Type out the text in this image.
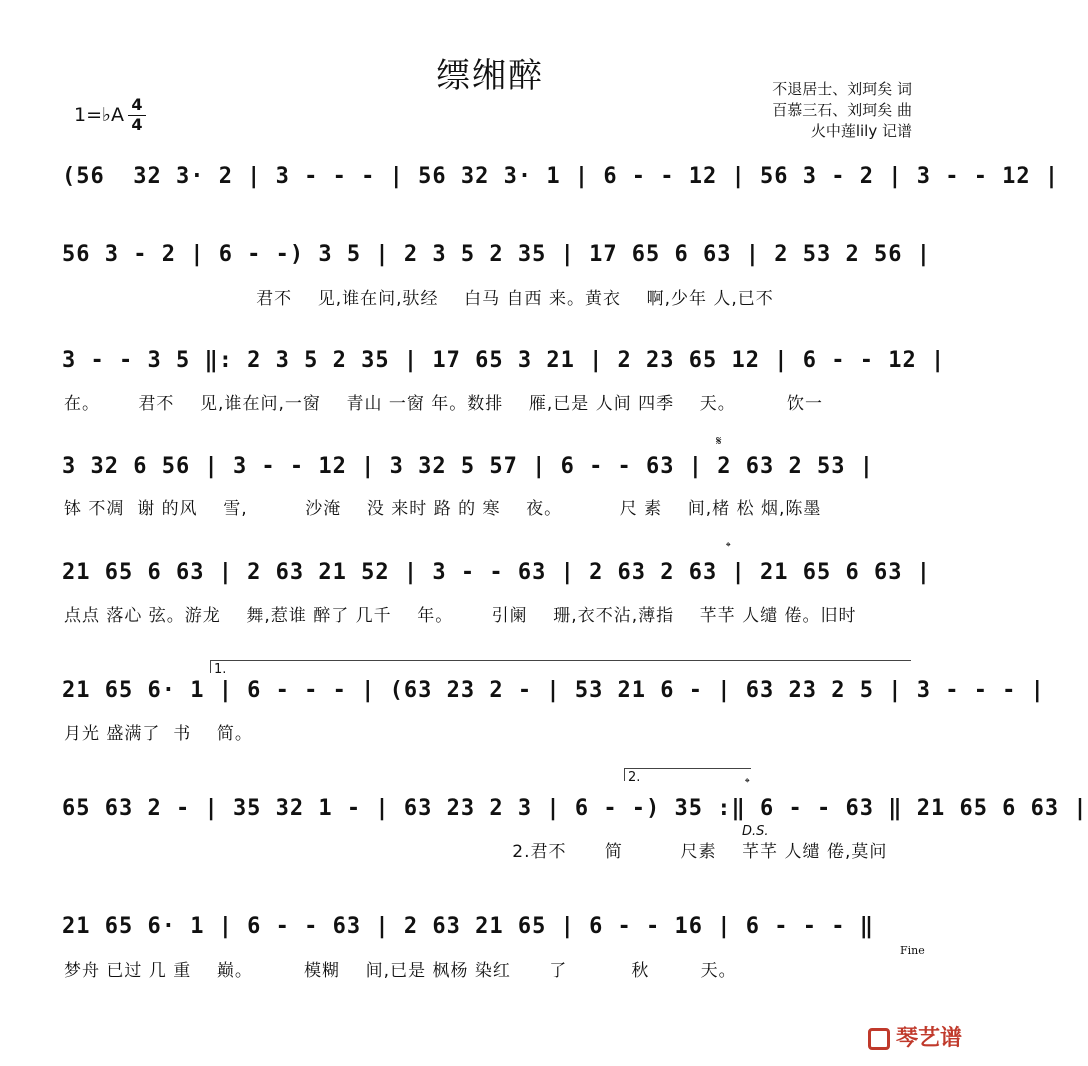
缥缃醉	不退居士、刘珂矣 词
百慕三石、刘珂矣 曲
火中莲lily 记谱
1=♭A $\frac{4}{4}$
(56  32 3· 2 | 3 - - - | 56 32 3· 1 | 6 - - 12 | 56 3 - 2 | 3 - - 12 |
56 3 - 2 | 6 - -) 3 5 | 2 3 5 2 35 | 17 65 6 63 | 2 53 2 56 |
君不    见,谁在问,驮经    白马 自西 来。黄衣    啊,少年 人,已不
3 - - 3 5 ‖: 2 3 5 2 35 | 17 65 3 21 | 2 23 65 12 | 6 - - 12 |
在。      君不    见,谁在问,一窗    青山 一窗 年。数排    雁,已是 人间 四季    天。        饮一
𝄋
3 32 6 56 | 3 - - 12 | 3 32 5 57 | 6 - - 63 | 2 63 2 53 |
钵 不凋  谢 的风    雪,         沙淹    没 来时 路 的 寒    夜。         尺 素    间,楮 松 烟,陈墨
𝄌
21 65 6 63 | 2 63 21 52 | 3 - - 63 | 2 63 2 63 | 21 65 6 63 |
点点 落心 弦。游龙    舞,惹谁 醉了 几千    年。      引阑    珊,衣不沾,薄指    芊芊 人缱 倦。旧时
1.
21 65 6· 1 | 6 - - - | (63 23 2 - | 53 21 6 - | 63 23 2 5 | 3 - - - |
月光 盛满了  书    简。
2.	𝄌
65 63 2 - | 35 32 1 - | 63 23 2 3 | 6 - -) 35 :‖ 6 - - 63 ‖ 21 65 6 63 |
D.S.
2.君不      简         尺素    芊芊 人缱 倦,莫问
21 65 6· 1 | 6 - - 63 | 2 63 21 65 | 6 - - 16 | 6 - - - ‖
Fine
梦舟 已过 几 重    巅。        模糊    间,已是 枫杨 染红      了          秋        天。
琴艺谱
